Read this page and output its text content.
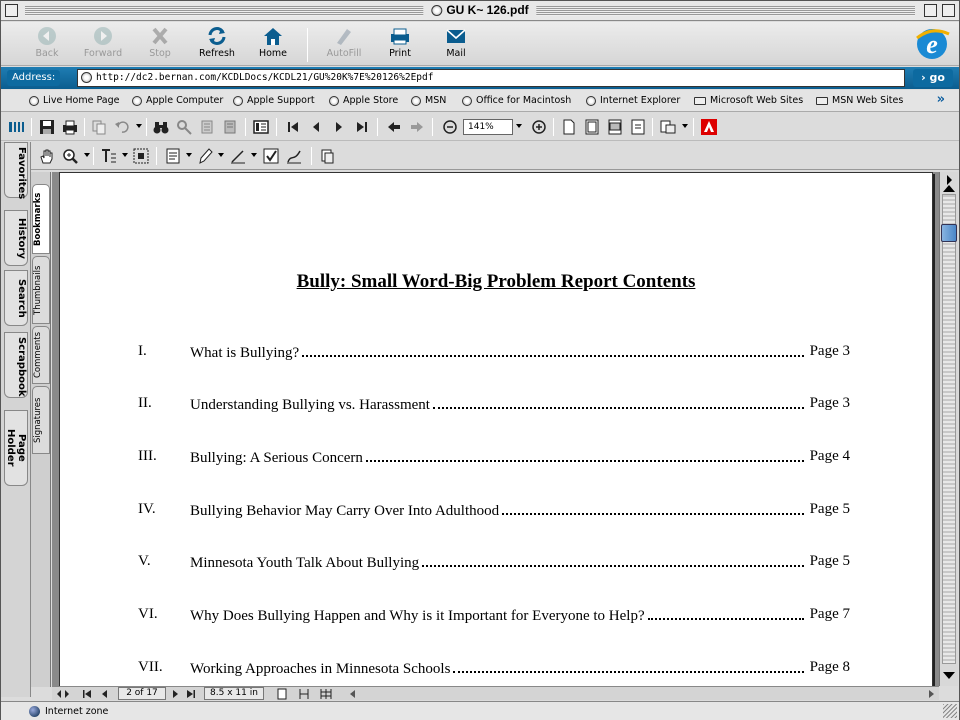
GU K~ 126.pdf
Back	Forward	Stop	Refresh	Home	AutoFill	Print	Mail	e
Address:	http://dc2.bernan.com/KCDLDocs/KCDL21/GU%20K%7E%20126%2Epdf	› go
Live Home Page	Apple Computer Apple Support	Apple Store	MSN	Office for Macintosh	Internet Explorer	Microsoft Web Sites	MSN Web Sites	»
141%
Favorites
History
Search
Scrapbook
Page Holder
Bookmarks
Thumbnails
Comments
Signatures
Bully: Small Word-Big Problem Report Contents
I.	What is Bullying?	Page 3
II.	Understanding Bullying vs. Harassment	Page 3
III. Bullying: A Serious Concern	Page 4
IV. Bullying Behavior May Carry Over Into Adulthood	Page 5
V.	Minnesota Youth Talk About Bullying	Page 5
VI. Why Does Bullying Happen and Why is it Important for Everyone to Help?	Page 7
VII. Working Approaches in Minnesota Schools	Page 8
2 of 17	8.5 x 11 in
Internet zone
